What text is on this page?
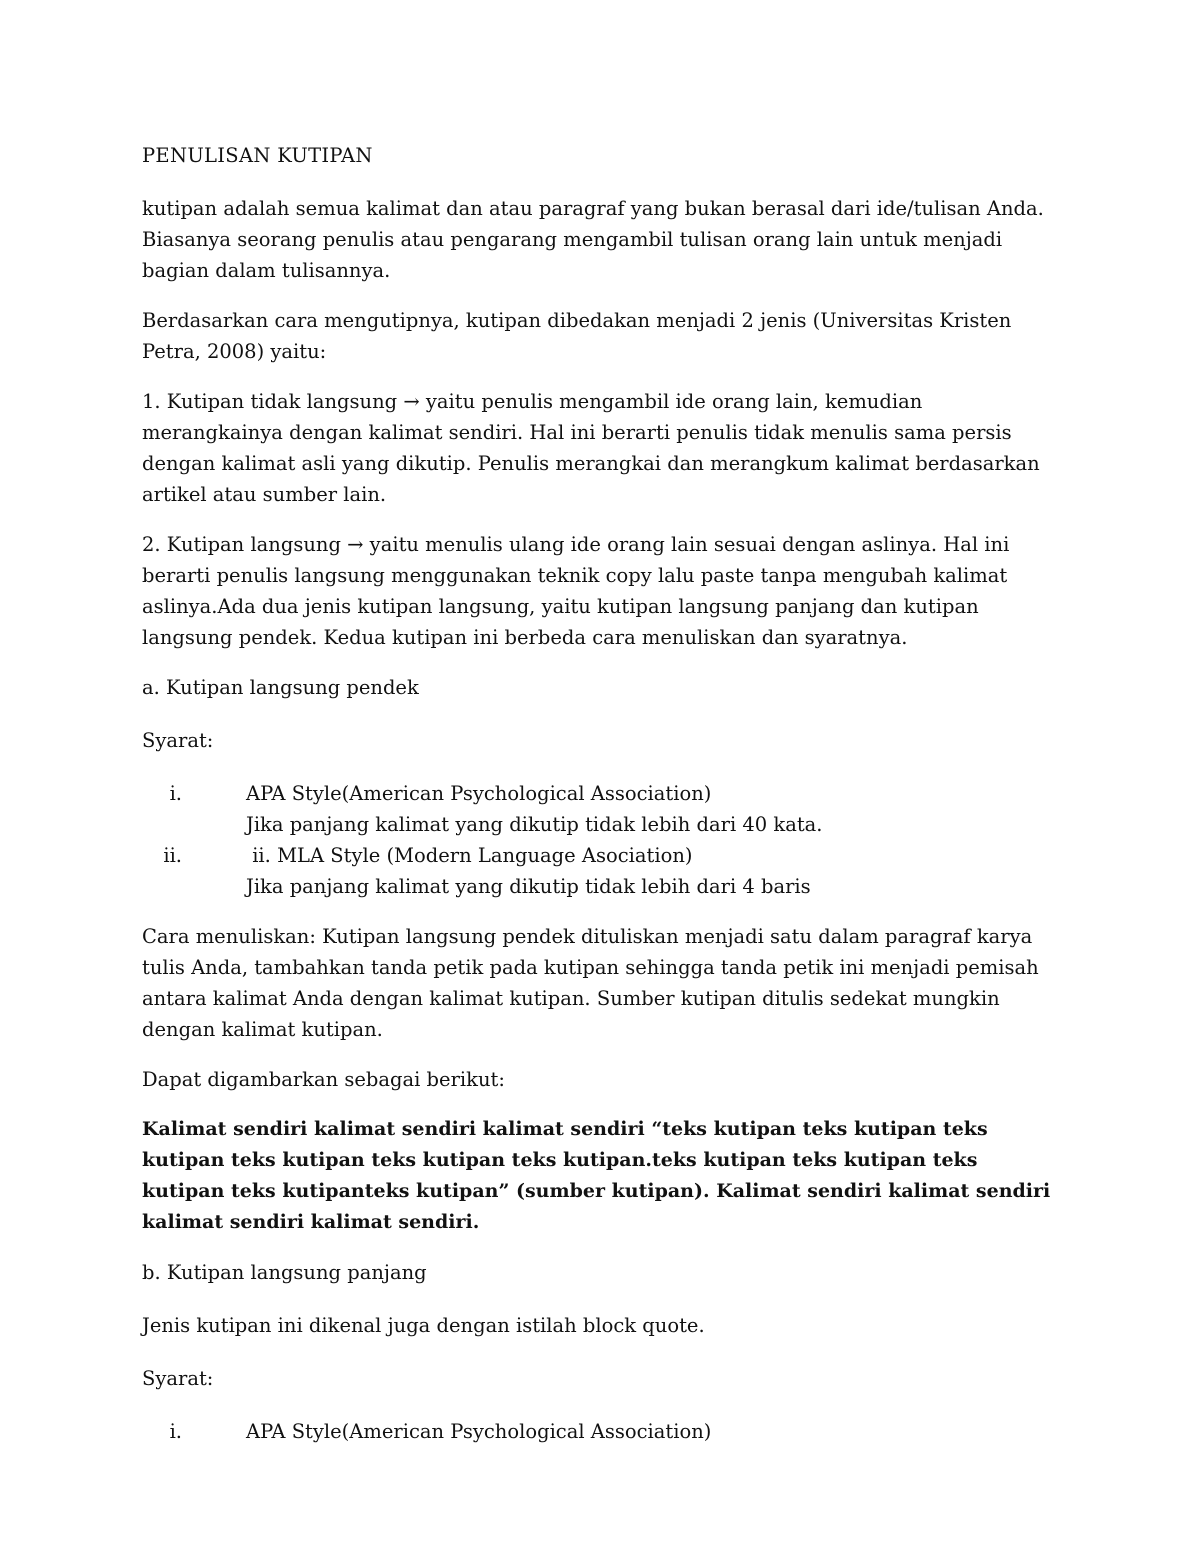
PENULISAN KUTIPAN

kutipan adalah semua kalimat dan atau paragraf yang bukan berasal dari ide/tulisan Anda. Biasanya seorang penulis atau pengarang mengambil tulisan orang lain untuk menjadi bagian dalam tulisannya.

Berdasarkan cara mengutipnya, kutipan dibedakan menjadi 2 jenis (Universitas Kristen Petra, 2008) yaitu:

1. Kutipan tidak langsung → yaitu penulis mengambil ide orang lain, kemudian merangkainya dengan kalimat sendiri. Hal ini berarti penulis tidak menulis sama persis dengan kalimat asli yang dikutip. Penulis merangkai dan merangkum kalimat berdasarkan artikel atau sumber lain.

2. Kutipan langsung → yaitu menulis ulang ide orang lain sesuai dengan aslinya. Hal ini berarti penulis langsung menggunakan teknik copy lalu paste tanpa mengubah kalimat aslinya.Ada dua jenis kutipan langsung, yaitu kutipan langsung panjang dan kutipan langsung pendek. Kedua kutipan ini berbeda cara menuliskan dan syaratnya.

a. Kutipan langsung pendek

Syarat:

i.	APA Style(American Psychological Association)
Jika panjang kalimat yang dikutip tidak lebih dari 40 kata.
ii.	ii. MLA Style (Modern Language Asociation)
Jika panjang kalimat yang dikutip tidak lebih dari 4 baris

Cara menuliskan: Kutipan langsung pendek dituliskan menjadi satu dalam paragraf karya tulis Anda, tambahkan tanda petik pada kutipan sehingga tanda petik ini menjadi pemisah antara kalimat Anda dengan kalimat kutipan. Sumber kutipan ditulis sedekat mungkin dengan kalimat kutipan.

Dapat digambarkan sebagai berikut:

Kalimat sendiri kalimat sendiri kalimat sendiri “teks kutipan teks kutipan teks kutipan teks kutipan teks kutipan teks kutipan.teks kutipan teks kutipan teks kutipan teks kutipanteks kutipan” (sumber kutipan). Kalimat sendiri kalimat sendiri kalimat sendiri kalimat sendiri.

b. Kutipan langsung panjang

Jenis kutipan ini dikenal juga dengan istilah block quote.

Syarat:

i.	APA Style(American Psychological Association)
